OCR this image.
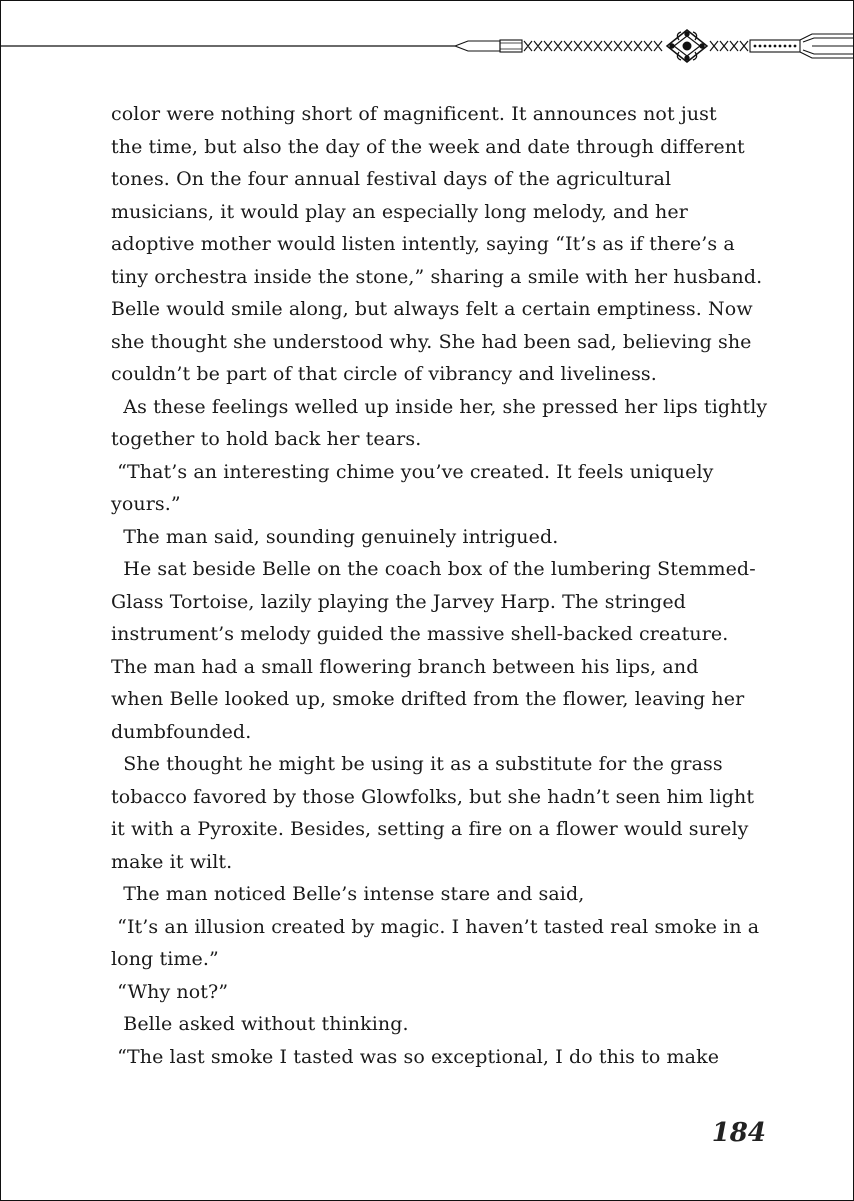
color were nothing short of magnificent. It announces not just
the time, but also the day of the week and date through different
tones. On the four annual festival days of the agricultural
musicians, it would play an especially long melody, and her
adoptive mother would listen intently, saying “It’s as if there’s a
tiny orchestra inside the stone,” sharing a smile with her husband.
Belle would smile along, but always felt a certain emptiness. Now
she thought she understood why. She had been sad, believing she
couldn’t be part of that circle of vibrancy and liveliness.
As these feelings welled up inside her, she pressed her lips tightly
together to hold back her tears.
“That’s an interesting chime you’ve created. It feels uniquely
yours.”
The man said, sounding genuinely intrigued.
He sat beside Belle on the coach box of the lumbering Stemmed-
Glass Tortoise, lazily playing the Jarvey Harp. The stringed
instrument’s melody guided the massive shell-backed creature.
The man had a small flowering branch between his lips, and
when Belle looked up, smoke drifted from the flower, leaving her
dumbfounded.
She thought he might be using it as a substitute for the grass
tobacco favored by those Glowfolks, but she hadn’t seen him light
it with a Pyroxite. Besides, setting a fire on a flower would surely
make it wilt.
The man noticed Belle’s intense stare and said,
“It’s an illusion created by magic. I haven’t tasted real smoke in a
long time.”
“Why not?”
Belle asked without thinking.
“The last smoke I tasted was so exceptional, I do this to make
184
